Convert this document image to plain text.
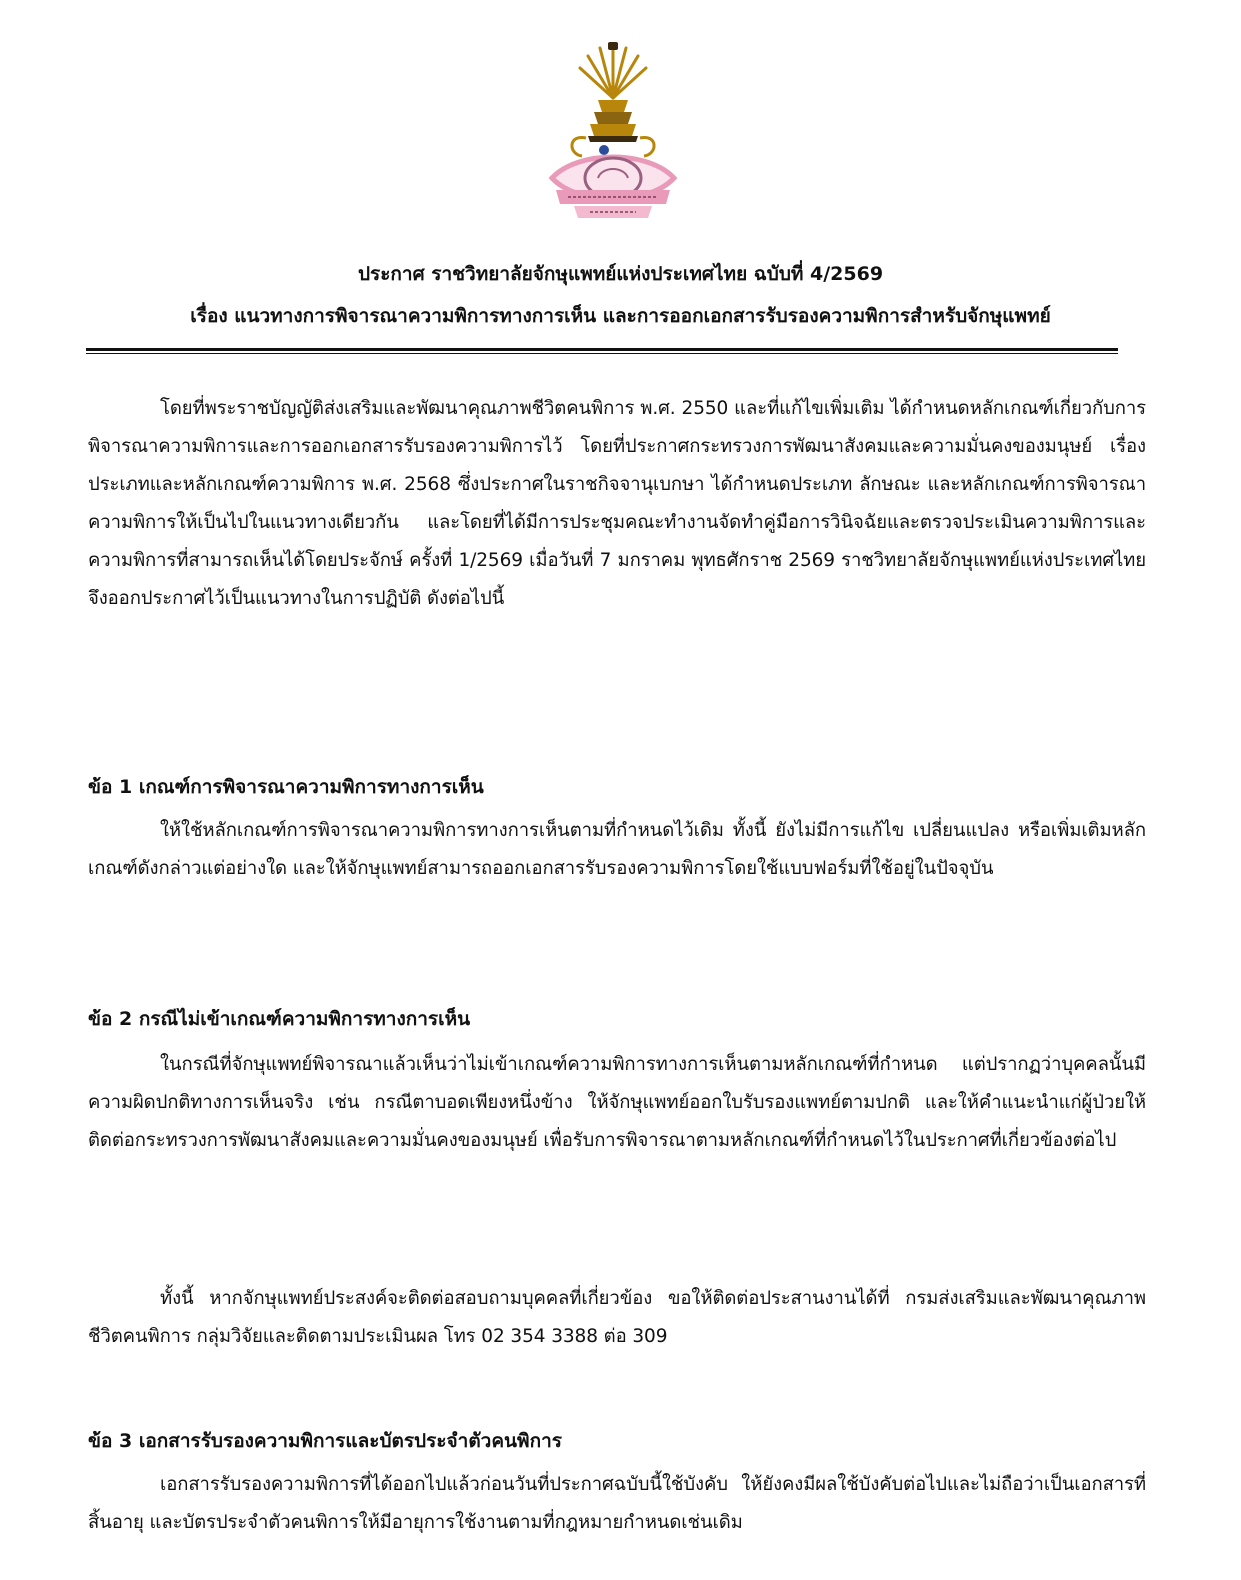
ประกาศ ราชวิทยาลัยจักษุแพทย์แห่งประเทศไทย ฉบับที่ 4/2569
เรื่อง แนวทางการพิจารณาความพิการทางการเห็น และการออกเอกสารรับรองความพิการสำหรับจักษุแพทย์

โดยที่พระราชบัญญัติส่งเสริมและพัฒนาคุณภาพชีวิตคนพิการ พ.ศ. 2550 และที่แก้ไขเพิ่มเติม ได้กำหนดหลักเกณฑ์เกี่ยวกับการพิจารณาความพิการและการออกเอกสารรับรองความพิการไว้ โดยที่ประกาศกระทรวงการพัฒนาสังคมและความมั่นคงของมนุษย์ เรื่อง ประเภทและหลักเกณฑ์ความพิการ พ.ศ. 2568 ซึ่งประกาศในราชกิจจานุเบกษา ได้กำหนดประเภท ลักษณะ และหลักเกณฑ์การพิจารณาความพิการให้เป็นไปในแนวทางเดียวกัน และโดยที่ได้มีการประชุมคณะทำงานจัดทำคู่มือการวินิจฉัยและตรวจประเมินความพิการและความพิการที่สามารถเห็นได้โดยประจักษ์ ครั้งที่ 1/2569 เมื่อวันที่ 7 มกราคม พุทธศักราช 2569 ราชวิทยาลัยจักษุแพทย์แห่งประเทศไทย จึงออกประกาศไว้เป็นแนวทางในการปฏิบัติ ดังต่อไปนี้

ข้อ 1 เกณฑ์การพิจารณาความพิการทางการเห็น

ให้ใช้หลักเกณฑ์การพิจารณาความพิการทางการเห็นตามที่กำหนดไว้เดิม ทั้งนี้ ยังไม่มีการแก้ไข เปลี่ยนแปลง หรือเพิ่มเติมหลักเกณฑ์ดังกล่าวแต่อย่างใด และให้จักษุแพทย์สามารถออกเอกสารรับรองความพิการโดยใช้แบบฟอร์มที่ใช้อยู่ในปัจจุบัน

ข้อ 2 กรณีไม่เข้าเกณฑ์ความพิการทางการเห็น

ในกรณีที่จักษุแพทย์พิจารณาแล้วเห็นว่าไม่เข้าเกณฑ์ความพิการทางการเห็นตามหลักเกณฑ์ที่กำหนด แต่ปรากฏว่าบุคคลนั้นมีความผิดปกติทางการเห็นจริง เช่น กรณีตาบอดเพียงหนึ่งข้าง ให้จักษุแพทย์ออกใบรับรองแพทย์ตามปกติ และให้คำแนะนำแก่ผู้ป่วยให้ติดต่อกระทรวงการพัฒนาสังคมและความมั่นคงของมนุษย์ เพื่อรับการพิจารณาตามหลักเกณฑ์ที่กำหนดไว้ในประกาศที่เกี่ยวข้องต่อไป

ทั้งนี้ หากจักษุแพทย์ประสงค์จะติดต่อสอบถามบุคคลที่เกี่ยวข้อง ขอให้ติดต่อประสานงานได้ที่ กรมส่งเสริมและพัฒนาคุณภาพชีวิตคนพิการ กลุ่มวิจัยและติดตามประเมินผล โทร 02 354 3388 ต่อ 309

ข้อ 3 เอกสารรับรองความพิการและบัตรประจำตัวคนพิการ

เอกสารรับรองความพิการที่ได้ออกไปแล้วก่อนวันที่ประกาศฉบับนี้ใช้บังคับ ให้ยังคงมีผลใช้บังคับต่อไปและไม่ถือว่าเป็นเอกสารที่สิ้นอายุ และบัตรประจำตัวคนพิการให้มีอายุการใช้งานตามที่กฎหมายกำหนดเช่นเดิม
